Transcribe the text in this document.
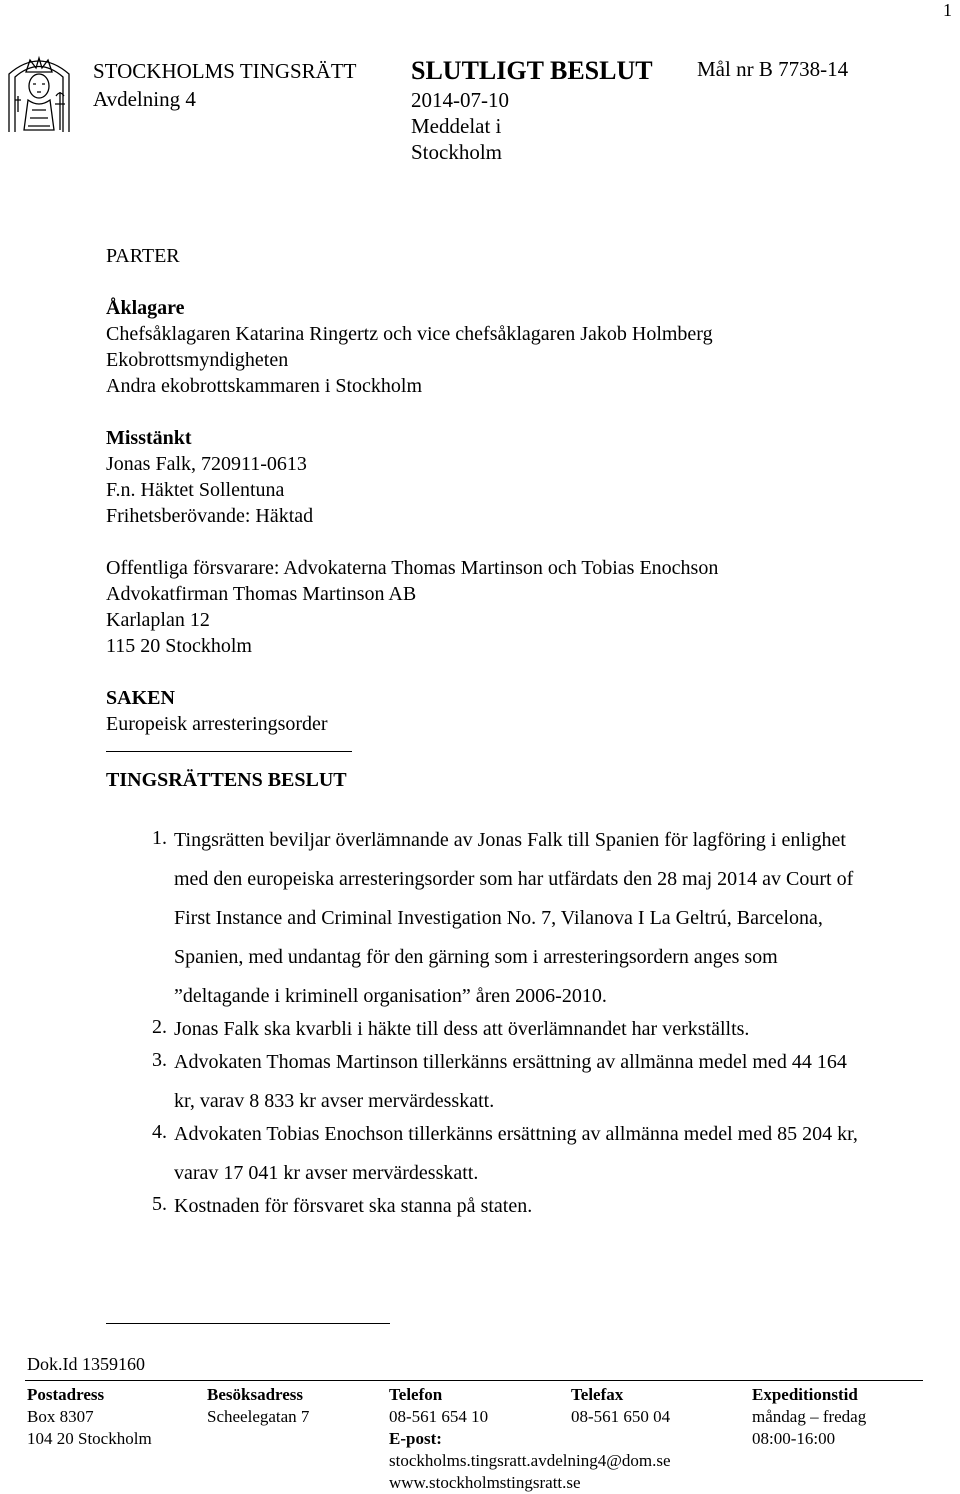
1
STOCKHOLMS TINGSRÄTT
Avdelning 4
SLUTLIGT BESLUT
2014-07-10
Meddelat i
Stockholm
Mål nr B 7738-14
PARTER
Åklagare
Chefsåklagaren Katarina Ringertz och vice chefsåklagaren Jakob Holmberg
Ekobrottsmyndigheten
Andra ekobrottskammaren i Stockholm
Misstänkt
Jonas Falk, 720911-0613
F.n. Häktet Sollentuna
Frihetsberövande: Häktad
Offentliga försvarare: Advokaterna Thomas Martinson och Tobias Enochson
Advokatfirman Thomas Martinson AB
Karlaplan 12
115 20 Stockholm
SAKEN
Europeisk arresteringsorder
TINGSRÄTTENS BESLUT
1. Tingsrätten beviljar överlämnande av Jonas Falk till Spanien för lagföring i enlighet med den europeiska arresteringsorder som har utfärdats den 28 maj 2014 av Court of First Instance and Criminal Investigation No. 7, Vilanova I La Geltrú, Barcelona, Spanien, med undantag för den gärning som i arresteringsordern anges som ”deltagande i kriminell organisation” åren 2006-2010.
2. Jonas Falk ska kvarbli i häkte till dess att överlämnandet har verkställts.
3. Advokaten Thomas Martinson tillerkänns ersättning av allmänna medel med 44 164 kr, varav 8 833 kr avser mervärdesskatt.
4. Advokaten Tobias Enochson tillerkänns ersättning av allmänna medel med 85 204 kr, varav 17 041 kr avser mervärdesskatt.
5. Kostnaden för försvaret ska stanna på staten.
Dok.Id 1359160
Postadress
Box 8307
104 20 Stockholm
Besöksadress
Scheelegatan 7
Telefon
08-561 654 10
E-post:
stockholms.tingsratt.avdelning4@dom.se
www.stockholmstingsratt.se
Telefax
08-561 650 04
Expeditionstid
måndag – fredag
08:00-16:00
